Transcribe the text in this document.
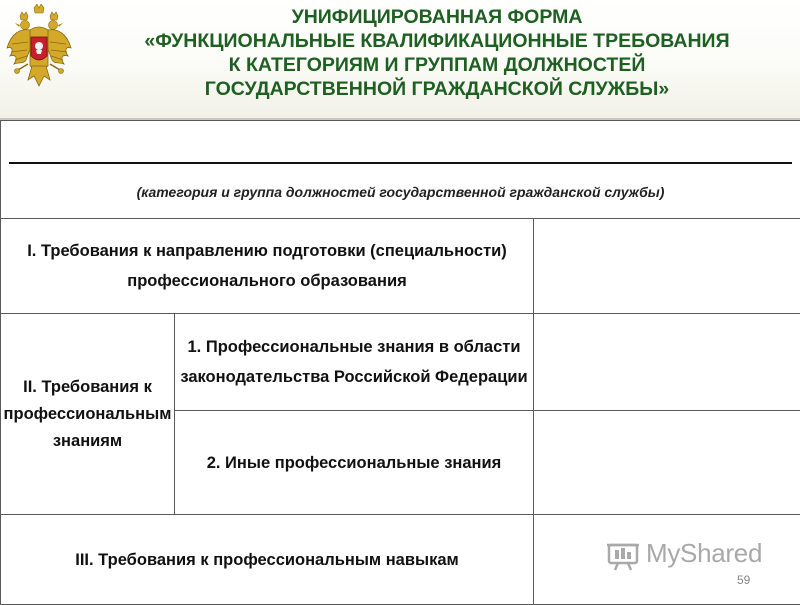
УНИФИЦИРОВАННАЯ ФОРМА
«ФУНКЦИОНАЛЬНЫЕ КВАЛИФИКАЦИОННЫЕ ТРЕБОВАНИЯ
К КАТЕГОРИЯМ И ГРУППАМ ДОЛЖНОСТЕЙ
ГОСУДАРСТВЕННОЙ ГРАЖДАНСКОЙ СЛУЖБЫ»
(категория и группа должностей государственной гражданской службы)		

I. Требования к направлению подготовки (специальности) профессионального образования		
II. Требования к профессиональным знаниям	1. Профессиональные знания в области законодательства Российской Федерации	
	2. Иные профессиональные знания	
III. Требования к профессиональным навыкам			MyShared
59
